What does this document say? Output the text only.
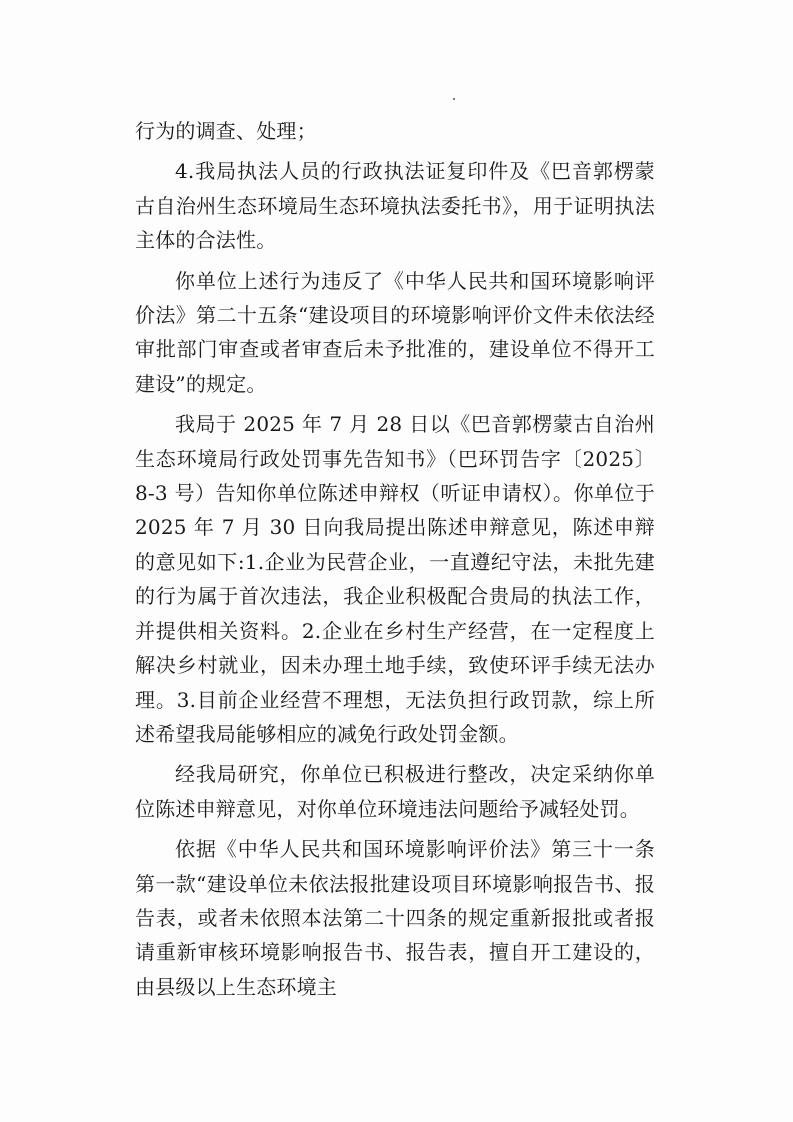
行为的调查、处理；

4.我局执法人员的行政执法证复印件及《巴音郭楞蒙古自治州生态环境局生态环境执法委托书》，用于证明执法主体的合法性。

你单位上述行为违反了《中华人民共和国环境影响评价法》第二十五条“建设项目的环境影响评价文件未依法经审批部门审查或者审查后未予批准的，建设单位不得开工建设”的规定。

我局于 2025 年 7 月 28 日以《巴音郭楞蒙古自治州生态环境局行政处罚事先告知书》（巴环罚告字〔2025〕8-3 号）告知你单位陈述申辩权（听证申请权）。你单位于 2025 年 7 月 30 日向我局提出陈述申辩意见，陈述申辩的意见如下:1.企业为民营企业，一直遵纪守法，未批先建的行为属于首次违法，我企业积极配合贵局的执法工作，并提供相关资料。2.企业在乡村生产经营，在一定程度上解决乡村就业，因未办理土地手续，致使环评手续无法办理。3.目前企业经营不理想，无法负担行政罚款，综上所述希望我局能够相应的减免行政处罚金额。

经我局研究，你单位已积极进行整改，决定采纳你单位陈述申辩意见，对你单位环境违法问题给予减轻处罚。

依据《中华人民共和国环境影响评价法》第三十一条第一款“建设单位未依法报批建设项目环境影响报告书、报告表，或者未依照本法第二十四条的规定重新报批或者报请重新审核环境影响报告书、报告表，擅自开工建设的，由县级以上生态环境主
